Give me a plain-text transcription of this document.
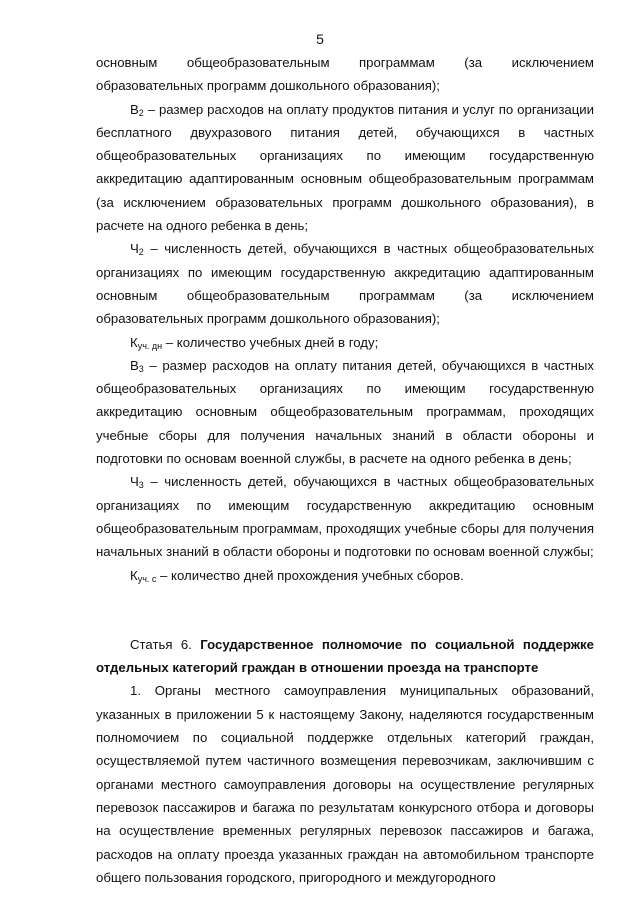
5

основным общеобразовательным программам (за исключением образовательных программ дошкольного образования);

$В_2$ – размер расходов на оплату продуктов питания и услуг по организации бесплатного двухразового питания детей, обучающихся в частных общеобразовательных организациях по имеющим государственную аккредитацию адаптированным основным общеобразовательным программам (за исключением образовательных программ дошкольного образования), в расчете на одного ребенка в день;

$Ч_2$ – численность детей, обучающихся в частных общеобразовательных организациях по имеющим государственную аккредитацию адаптированным основным общеобразовательным программам (за исключением образовательных программ дошкольного образования);

$К_{уч. дн}$ – количество учебных дней в году;

$В_3$ – размер расходов на оплату питания детей, обучающихся в частных общеобразовательных организациях по имеющим государственную аккредитацию основным общеобразовательным программам, проходящих учебные сборы для получения начальных знаний в области обороны и подготовки по основам военной службы, в расчете на одного ребенка в день;

$Ч_3$ – численность детей, обучающихся в частных общеобразовательных организациях по имеющим государственную аккредитацию основным общеобразовательным программам, проходящих учебные сборы для получения начальных знаний в области обороны и подготовки по основам военной службы;

$К_{уч. с}$ – количество дней прохождения учебных сборов.

Статья 6. Государственное полномочие по социальной поддержке отдельных категорий граждан в отношении проезда на транспорте

1. Органы местного самоуправления муниципальных образований, указанных в приложении 5 к настоящему Закону, наделяются государственным полномочием по социальной поддержке отдельных категорий граждан, осуществляемой путем частичного возмещения перевозчикам, заключившим с органами местного самоуправления договоры на осуществление регулярных перевозок пассажиров и багажа по результатам конкурсного отбора и договоры на осуществление временных регулярных перевозок пассажиров и багажа, расходов на оплату проезда указанных граждан на автомобильном транспорте общего пользования городского, пригородного и междугородного
